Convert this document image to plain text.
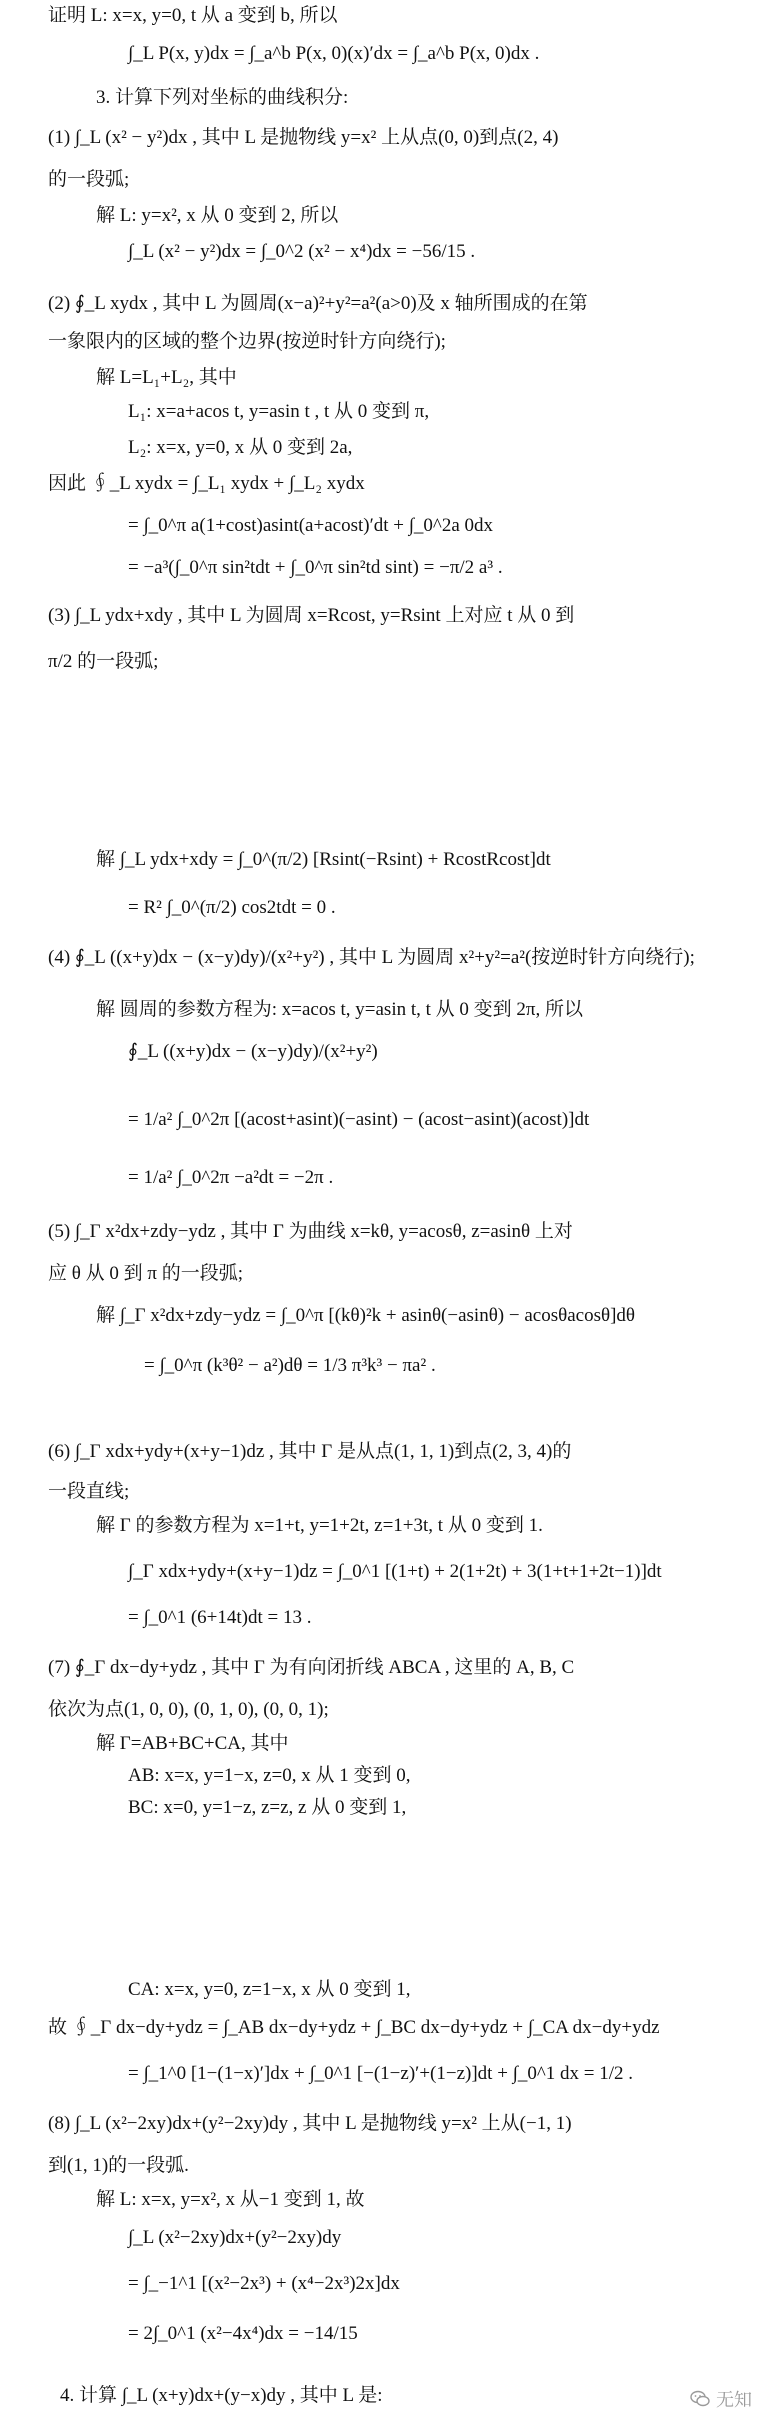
证明 L: x=x, y=0, t 从 a 变到 b, 所以
∫_L P(x, y)dx = ∫_a^b P(x, 0)(x)′dx = ∫_a^b P(x, 0)dx .
3. 计算下列对坐标的曲线积分:
(1) ∫_L (x² − y²)dx , 其中 L 是抛物线 y=x² 上从点(0, 0)到点(2, 4)
的一段弧;
解 L: y=x², x 从 0 变到 2, 所以
∫_L (x² − y²)dx = ∫_0^2 (x² − x⁴)dx = −56/15 .
(2) ∮_L xydx , 其中 L 为圆周(x−a)²+y²=a²(a>0)及 x 轴所围成的在第
一象限内的区域的整个边界(按逆时针方向绕行);
解 L=L₁+L₂, 其中
L₁: x=a+acos t, y=asin t , t 从 0 变到 π,
L₂: x=x, y=0, x 从 0 变到 2a,
因此 ∮_L xydx = ∫_L₁ xydx + ∫_L₂ xydx
= ∫_0^π a(1+cost)asint(a+acost)′dt + ∫_0^2a 0dx
= −a³(∫_0^π sin²tdt + ∫_0^π sin²td sint) = −π/2 a³ .
(3) ∫_L ydx+xdy , 其中 L 为圆周 x=Rcost, y=Rsint 上对应 t 从 0 到
π/2 的一段弧;
解 ∫_L ydx+xdy = ∫_0^(π/2) [Rsint(−Rsint) + RcostRcost]dt
= R² ∫_0^(π/2) cos2tdt = 0 .
(4) ∮_L ((x+y)dx − (x−y)dy)/(x²+y²) , 其中 L 为圆周 x²+y²=a²(按逆时针方向绕行);
解 圆周的参数方程为: x=acos t, y=asin t, t 从 0 变到 2π, 所以
∮_L ((x+y)dx − (x−y)dy)/(x²+y²)
= 1/a² ∫_0^2π [(acost+asint)(−asint) − (acost−asint)(acost)]dt
= 1/a² ∫_0^2π −a²dt = −2π .
(5) ∫_Γ x²dx+zdy−ydz , 其中 Γ 为曲线 x=kθ, y=acosθ, z=asinθ 上对
应 θ 从 0 到 π 的一段弧;
解 ∫_Γ x²dx+zdy−ydz = ∫_0^π [(kθ)²k + asinθ(−asinθ) − acosθacosθ]dθ
= ∫_0^π (k³θ² − a²)dθ = 1/3 π³k³ − πa² .
(6) ∫_Γ xdx+ydy+(x+y−1)dz , 其中 Γ 是从点(1, 1, 1)到点(2, 3, 4)的
一段直线;
解 Γ 的参数方程为 x=1+t, y=1+2t, z=1+3t, t 从 0 变到 1.
∫_Γ xdx+ydy+(x+y−1)dz = ∫_0^1 [(1+t) + 2(1+2t) + 3(1+t+1+2t−1)]dt
= ∫_0^1 (6+14t)dt = 13 .
(7) ∮_Γ dx−dy+ydz , 其中 Γ 为有向闭折线 ABCA , 这里的 A, B, C
依次为点(1, 0, 0), (0, 1, 0), (0, 0, 1);
解 Γ=AB+BC+CA, 其中
AB: x=x, y=1−x, z=0, x 从 1 变到 0,
BC: x=0, y=1−z, z=z, z 从 0 变到 1,
CA: x=x, y=0, z=1−x, x 从 0 变到 1,
故 ∮_Γ dx−dy+ydz = ∫_AB dx−dy+ydz + ∫_BC dx−dy+ydz + ∫_CA dx−dy+ydz
= ∫_1^0 [1−(1−x)′]dx + ∫_0^1 [−(1−z)′+(1−z)]dt + ∫_0^1 dx = 1/2 .
(8) ∫_L (x²−2xy)dx+(y²−2xy)dy , 其中 L 是抛物线 y=x² 上从(−1, 1)
到(1, 1)的一段弧.
解 L: x=x, y=x², x 从−1 变到 1, 故
∫_L (x²−2xy)dx+(y²−2xy)dy
= ∫_−1^1 [(x²−2x³) + (x⁴−2x³)2x]dx
= 2∫_0^1 (x²−4x⁴)dx = −14/15
4. 计算 ∫_L (x+y)dx+(y−x)dy , 其中 L 是:	无知
